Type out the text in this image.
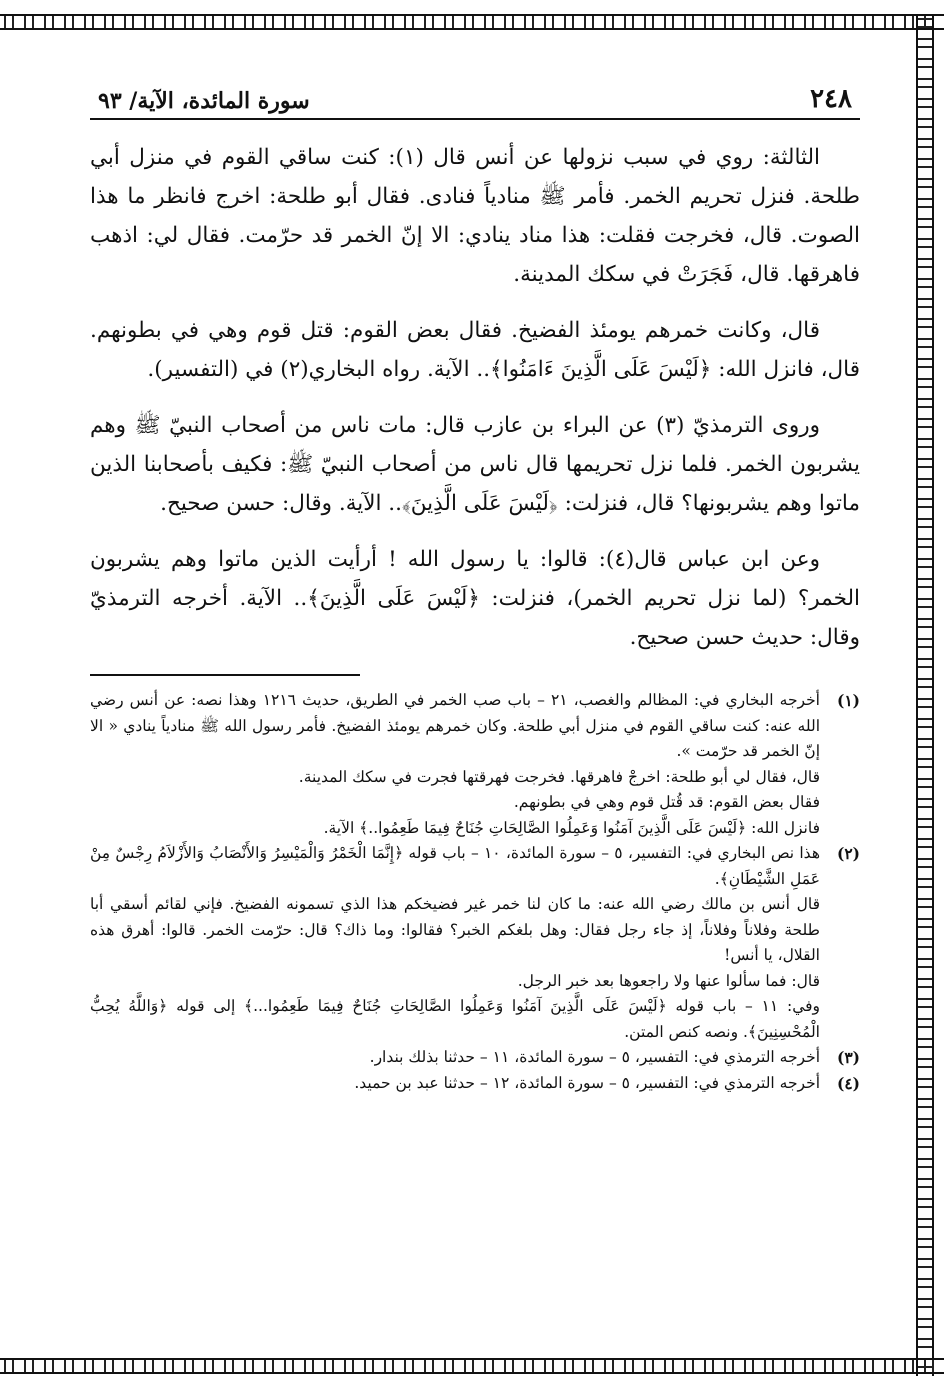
٢٤٨
سورة المائدة، الآية/ ٩٣

الثالثة: روي في سبب نزولها عن أنس قال (١): كنت ساقي القوم في منزل أبي طلحة. فنزل تحريم الخمر. فأمر ﷺ منادياً فنادى. فقال أبو طلحة: اخرج فانظر ما هذا الصوت. قال، فخرجت فقلت: هذا مناد ينادي: الا إنّ الخمر قد حرّمت. فقال لي: اذهب فاهرقها. قال، فَجَرَتْ في سكك المدينة.

قال، وكانت خمرهم يومئذ الفضيخ. فقال بعض القوم: قتل قوم وهي في بطونهم. قال، فانزل الله: ﴿لَيْسَ عَلَى الَّذِينَ ءَامَنُوا﴾.. الآية. رواه البخاري(٢) في (التفسير).

وروى الترمذيّ (٣) عن البراء بن عازب قال: مات ناس من أصحاب النبيّ ﷺ وهم يشربون الخمر. فلما نزل تحريمها قال ناس من أصحاب النبيّ ﷺ: فكيف بأصحابنا الذين ماتوا وهم يشربونها؟ قال، فنزلت: ﴿لَيْسَ عَلَى الَّذِينَ﴾.. الآية. وقال: حسن صحيح.

وعن ابن عباس قال(٤): قالوا: يا رسول الله ! أرأيت الذين ماتوا وهم يشربون الخمر؟ (لما نزل تحريم الخمر)، فنزلت: ﴿لَيْسَ عَلَى الَّذِينَ﴾.. الآية. أخرجه الترمذيّ وقال: حديث حسن صحيح.

(١)
أخرجه البخاري في: المظالم والغصب، ٢١ – باب صب الخمر في الطريق، حديث ١٢١٦ وهذا نصه: عن أنس رضي الله عنه: كنت ساقي القوم في منزل أبي طلحة. وكان خمرهم يومئذ الفضيخ. فأمر رسول الله ﷺ منادياً ينادي « الا إنّ الخمر قد حرّمت ».
قال، فقال لي أبو طلحة: اخرجْ فاهرقها. فخرجت فهرقتها فجرت في سكك المدينة.
فقال بعض القوم: قد قُتل قوم وهي في بطونهم.
فانزل الله: ﴿لَيْسَ عَلَى الَّذِينَ آمَنُوا وَعَمِلُوا الصَّالِحَاتِ جُنَاحٌ فِيمَا طَعِمُوا..﴾ الآية.
(٢)
هذا نص البخاري في: التفسير، ٥ – سورة المائدة، ١٠ – باب قوله ﴿إِنَّمَا الْخَمْرُ وَالْمَيْسِرُ وَالأَنْصَابُ وَالأَزْلاَمُ رِجْسٌ مِنْ عَمَلِ الشَّيْطَانِ﴾.
قال أنس بن مالك رضي الله عنه: ما كان لنا خمر غير فضيخكم هذا الذي تسمونه الفضيخ. فإني لقائم أسقي أبا طلحة وفلاناً وفلاناً، إذ جاء رجل فقال: وهل بلغكم الخبر؟ فقالوا: وما ذاك؟ قال: حرّمت الخمر. قالوا: أهرق هذه القلال، يا أنس!
قال: فما سألوا عنها ولا راجعوها بعد خبر الرجل.
وفي: ١١ – باب قوله ﴿لَيْسَ عَلَى الَّذِينَ آمَنُوا وَعَمِلُوا الصَّالِحَاتِ جُنَاحٌ فِيمَا طَعِمُوا...﴾ إلى قوله ﴿وَاللَّهُ يُحِبُّ الْمُحْسِنِينَ﴾. ونصه كنص المتن.
(٣)
أخرجه الترمذي في: التفسير، ٥ – سورة المائدة، ١١ – حدثنا بذلك بندار.
(٤)
أخرجه الترمذي في: التفسير، ٥ – سورة المائدة، ١٢ – حدثنا عبد بن حميد.
